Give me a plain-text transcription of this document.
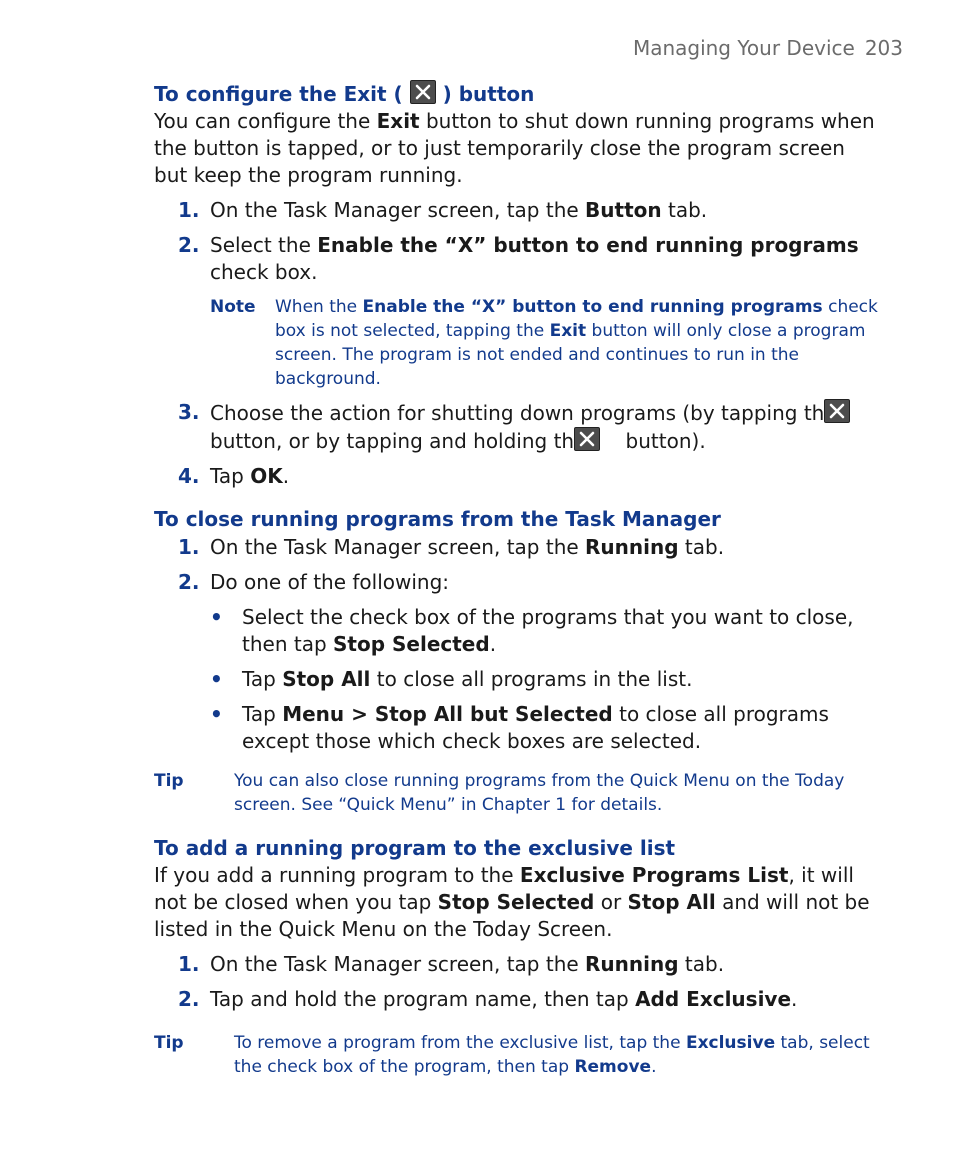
Managing Your Device 203

To configure the Exit ( ) button

You can configure the Exit button to shut down running programs when the button is tapped, or to just temporarily close the program screen but keep the program running.

1. On the Task Manager screen, tap the Button tab.
2. Select the Enable the “X” button to end running programs check box.
Note When the Enable the “X” button to end running programs check box is not selected, tapping the Exit button will only close a program screen. The program is not ended and continues to run in the background.
3. Choose the action for shutting down programs (by tapping th

button, or by tapping and holding th
button).
4. Tap OK.

To close running programs from the Task Manager

1. On the Task Manager screen, tap the Running tab.
2. Do one of the following:
• Select the check box of the programs that you want to close, then tap Stop Selected.
• Tap Stop All to close all programs in the list.
• Tap Menu > Stop All but Selected to close all programs except those which check boxes are selected.
Tip	You can also close running programs from the Quick Menu on the Today screen. See “Quick Menu” in Chapter 1 for details.

To add a running program to the exclusive list

If you add a running program to the Exclusive Programs List, it will not be closed when you tap Stop Selected or Stop All and will not be listed in the Quick Menu on the Today Screen.

1. On the Task Manager screen, tap the Running tab.
2. Tap and hold the program name, then tap Add Exclusive.
Tip	To remove a program from the exclusive list, tap the Exclusive tab, select the check box of the program, then tap Remove.
